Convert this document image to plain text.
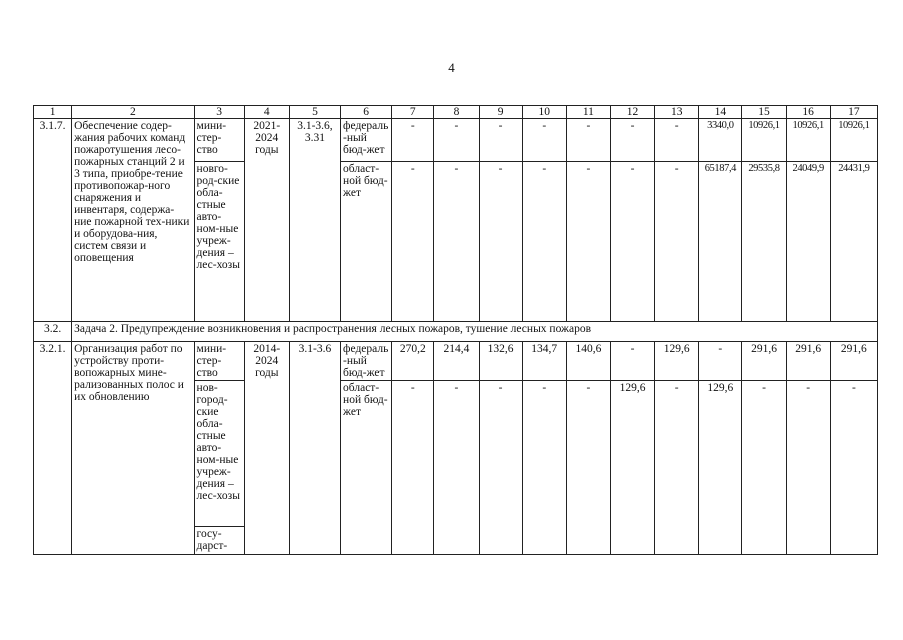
4
1	2	3	4	5	6	7	8	9	10	11	12	13	14	15	16	17
3.1.7.	Обеспечение содер-жания рабочих команд пожаротушения лесо-пожарных станций 2 и 3 типа, приобре-тение противопожар-ного снаряжения и инвентаря, содержа-ние пожарной тех-ники и оборудова-ния, систем связи и оповещения	мини-стер-ство	2021-2024 годы	3.1-3.6, 3.31	федераль-ный бюд-жет	-	-	-	-	-	-	-	3340,0	10926,1	10926,1	10926,1
		новго-род-ские обла-стные авто-ном-ные учреж-дения – лес-хозы			област-ной бюд-жет	-	-	-	-	-	-	-	65187,4	29535,8	24049,9	24431,9
3.2.	Задача 2. Предупреждение возникновения и распространения лесных пожаров, тушение лесных пожаров															
3.2.1.	Организация работ по устройству проти-вопожарных мине-рализованных полос и их обновлению	мини-стер-ство	2014-2024 годы	3.1-3.6	федераль-ный бюд-жет	270,2	214,4	132,6	134,7	140,6	-	129,6	-	291,6	291,6	291,6
		нов-город-ские обла-стные авто-ном-ные учреж-дения – лес-хозы			област-ной бюд-жет	-	-	-	-	-	129,6	-	129,6	-	-	-
		госу-дарст-														
